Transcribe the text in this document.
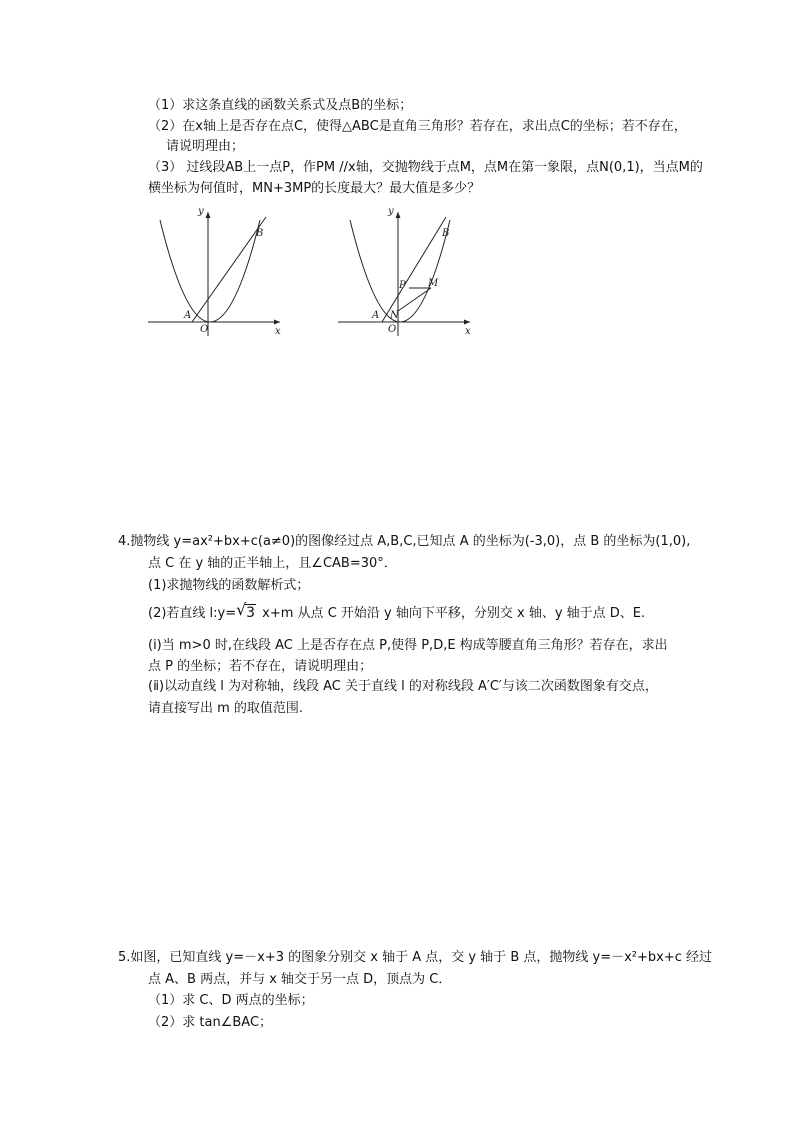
（1）求这条直线的函数关系式及点B的坐标；
（2）在x轴上是否存在点C，使得△ABC是直角三角形？若存在，求出点C的坐标；若不存在，
请说明理由；
（3） 过线段AB上一点P，作PM //x轴，交抛物线于点M，点M在第一象限，点N(0,1)，当点M的
横坐标为何值时，MN+3MP的长度最大？最大值是多少？
y
x
A
O
B
y
x
A
O
B
P M
N
4.抛物线 y=ax²+bx+c(a≠0)的图像经过点 A,B,C,已知点 A 的坐标为(-3,0)，点 B 的坐标为(1,0),
点 C 在 y 轴的正半轴上，且∠CAB=30°．
(1)求抛物线的函数解析式；
(2)若直线 l:y= √ 3 x+m 从点 C 开始沿 y 轴向下平移，分别交 x 轴、y 轴于点 D、E.
(ⅰ)当 m>0 时,在线段 AC 上是否存在点 P,使得 P,D,E 构成等腰直角三角形？若存在，求出
点 P 的坐标；若不存在，请说明理由；
(ⅱ)以动直线 l 为对称轴，线段 AC 关于直线 l 的对称线段 A′C′与该二次函数图象有交点，
请直接写出 m 的取值范围.
5.如图，已知直线 y=－x+3 的图象分别交 x 轴于 A 点，交 y 轴于 B 点，抛物线 y=－x²+bx+c 经过
点 A、B 两点，并与 x 轴交于另一点 D，顶点为 C．
（1）求 C、D 两点的坐标；
（2）求 tan∠BAC；
